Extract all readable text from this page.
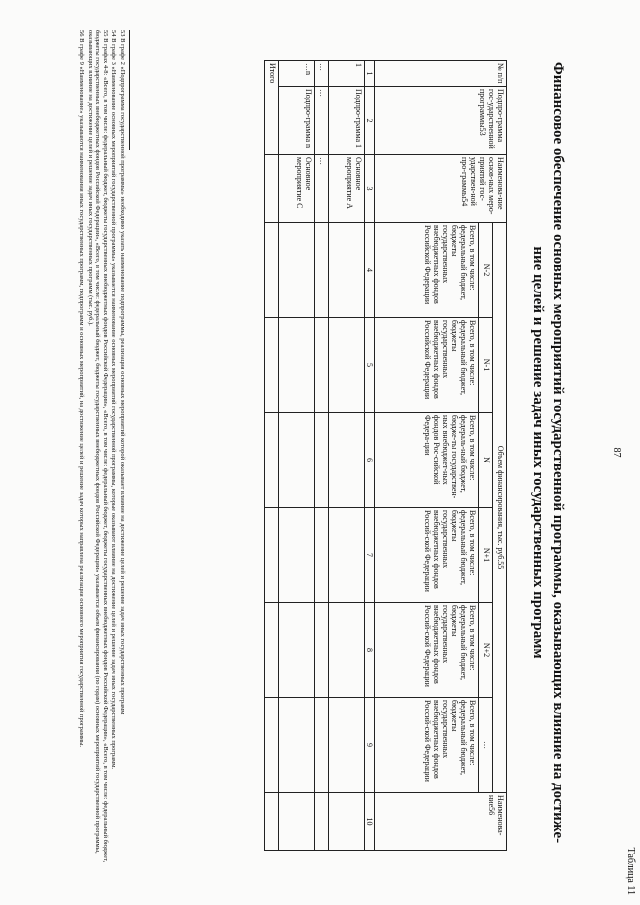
Таблица 11
87
Финансовое обеспечение основных мероприятий государственной программы, оказывающих влияние на достиже-
ние целей и решение задач иных государственных программ
№ п/п	Подпро-грамма гос-ударственной программы53	Наименова-ние основ-ных меро-приятий гос-ударствен-ной про-граммы54	Объем финансирования, тыс. руб.55						Наименова-ние56
			N-2	N-1	N	N+1	N+2	…	
			Всего, в том числе: федеральный бюджет, бюджеты государственных внебюджетных фондов Российской Федерации	Всего, в том числе: федеральный бюджет, бюджеты государственных внебюджетных фондов Российской Федерации	Всего, в том числе: федераль-ный бюджет, бюдже-ты государствен-ных внебюджет-ных фондов Рос-сийской Федера-ции	Всего, в том числе: федеральный бюджет, бюджеты государственных внебюджетных фондов Россий-ской Федерации	Всего, в том числе: федеральный бюджет, бюджеты государственных внебюджетных фондов Россий-ской Федерации	Всего, в том числе: федеральный бюджет, бюджеты государственных внебюджетных фондов Россий-ской Федерации	
1	2	3	4	5	6	7	8	9	10
1	Подпро-грамма 1	Основное мероприятие А							
…	…	…							
…n	Подпро-грамма n	Основное мероприятие С							
Итого									

53 В графе 2 «Подпрограмма государственной программы» необходимо указать наименование подпрограммы, реализация основных мероприятий которой оказывает влияние на достижение целей и решение задач иных государственных программ

54 В графе 3 «Наименование основных мероприятий государственной программы» указывается наименование основных мероприятий государственной программы, которые оказывают влияние на достижение целей и решение задач иных государственных программ.

55 В графах 4-8: «Всего, в том числе: федеральный бюджет, бюджеты государственных внебюджетных фондов Российской Федерации», «Всего, в том числе: федеральный бюджет, бюджеты государственных внебюджетных фондов Российской Федерации», «Всего, в том числе: федеральный бюджет, бюджеты государственных внебюджетных фондов Российской Федерации», «Всего, в том числе: федеральный бюджет, бюджеты государственных внебюджетных фондов Российской Федерации» указывается объем финансирования (по годам) основных мероприятий государственной программы, оказывающих влияние на достижение целей и решение задач иных государственных программ (тыс. руб.).

56 В графе 9 «Наименование» указываются наименования иных государственных программ, подпрограмм и основных мероприятий, на достижение целей и решение задач которых направлена реализация основного мероприятия государственной программы.
